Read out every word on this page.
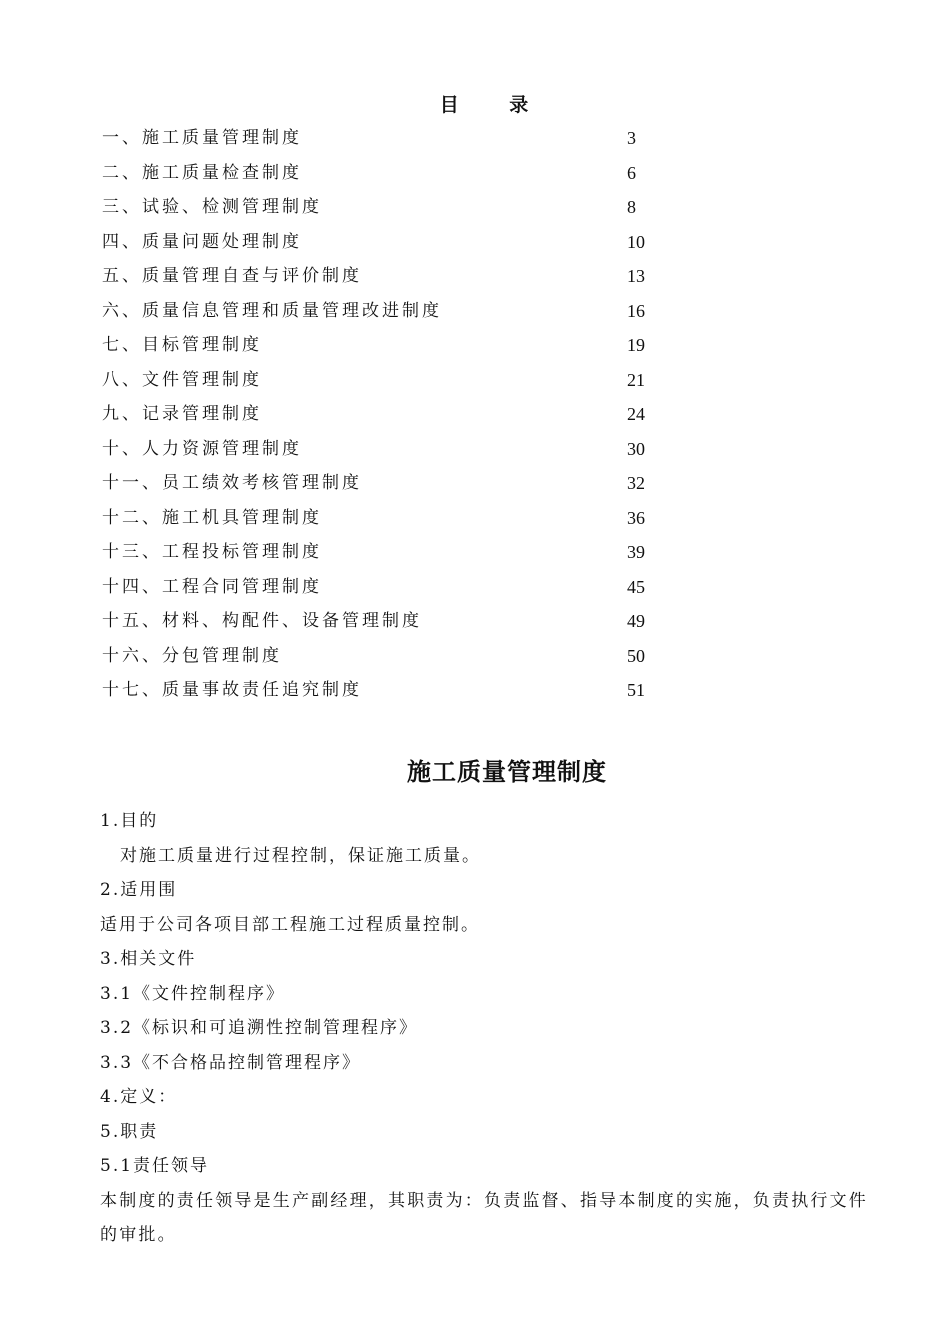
目 录
一、施工质量管理制度	3
二、施工质量检查制度	6
三、试验、检测管理制度	8
四、质量问题处理制度	10
五、质量管理自查与评价制度	13
六、质量信息管理和质量管理改进制度	16
七、目标管理制度	19
八、文件管理制度	21
九、记录管理制度	24
十、人力资源管理制度	30
十一、员工绩效考核管理制度	32
十二、施工机具管理制度	36
十三、工程投标管理制度	39
十四、工程合同管理制度	45
十五、材料、构配件、设备管理制度	49
十六、分包管理制度	50
十七、质量事故责任追究制度	51
施工质量管理制度
1.目的
对施工质量进行过程控制，保证施工质量。
2.适用围
适用于公司各项目部工程施工过程质量控制。
3.相关文件
3.1《文件控制程序》
3.2《标识和可追溯性控制管理程序》
3.3《不合格品控制管理程序》
4.定义：
5.职责
5.1责任领导
本制度的责任领导是生产副经理，其职责为：负责监督、指导本制度的实施，负责执行文件的审批。
